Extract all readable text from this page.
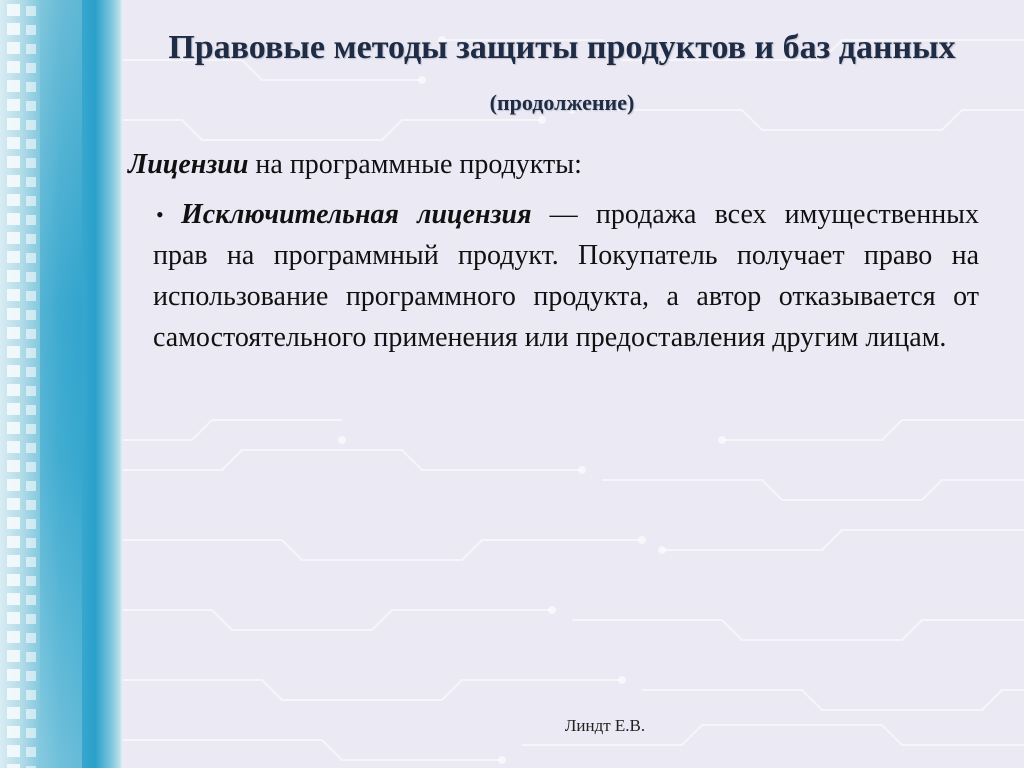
Правовые методы защиты продуктов и баз данных (продолжение)
Лицензии на программные продукты:
• Исключительная лицензия — продажа всех имущественных прав на программный продукт. Покупатель получает право на использование программного продукта, а автор отказывается от самостоятельного применения или предоставления другим лицам.
Линдт Е.В.
